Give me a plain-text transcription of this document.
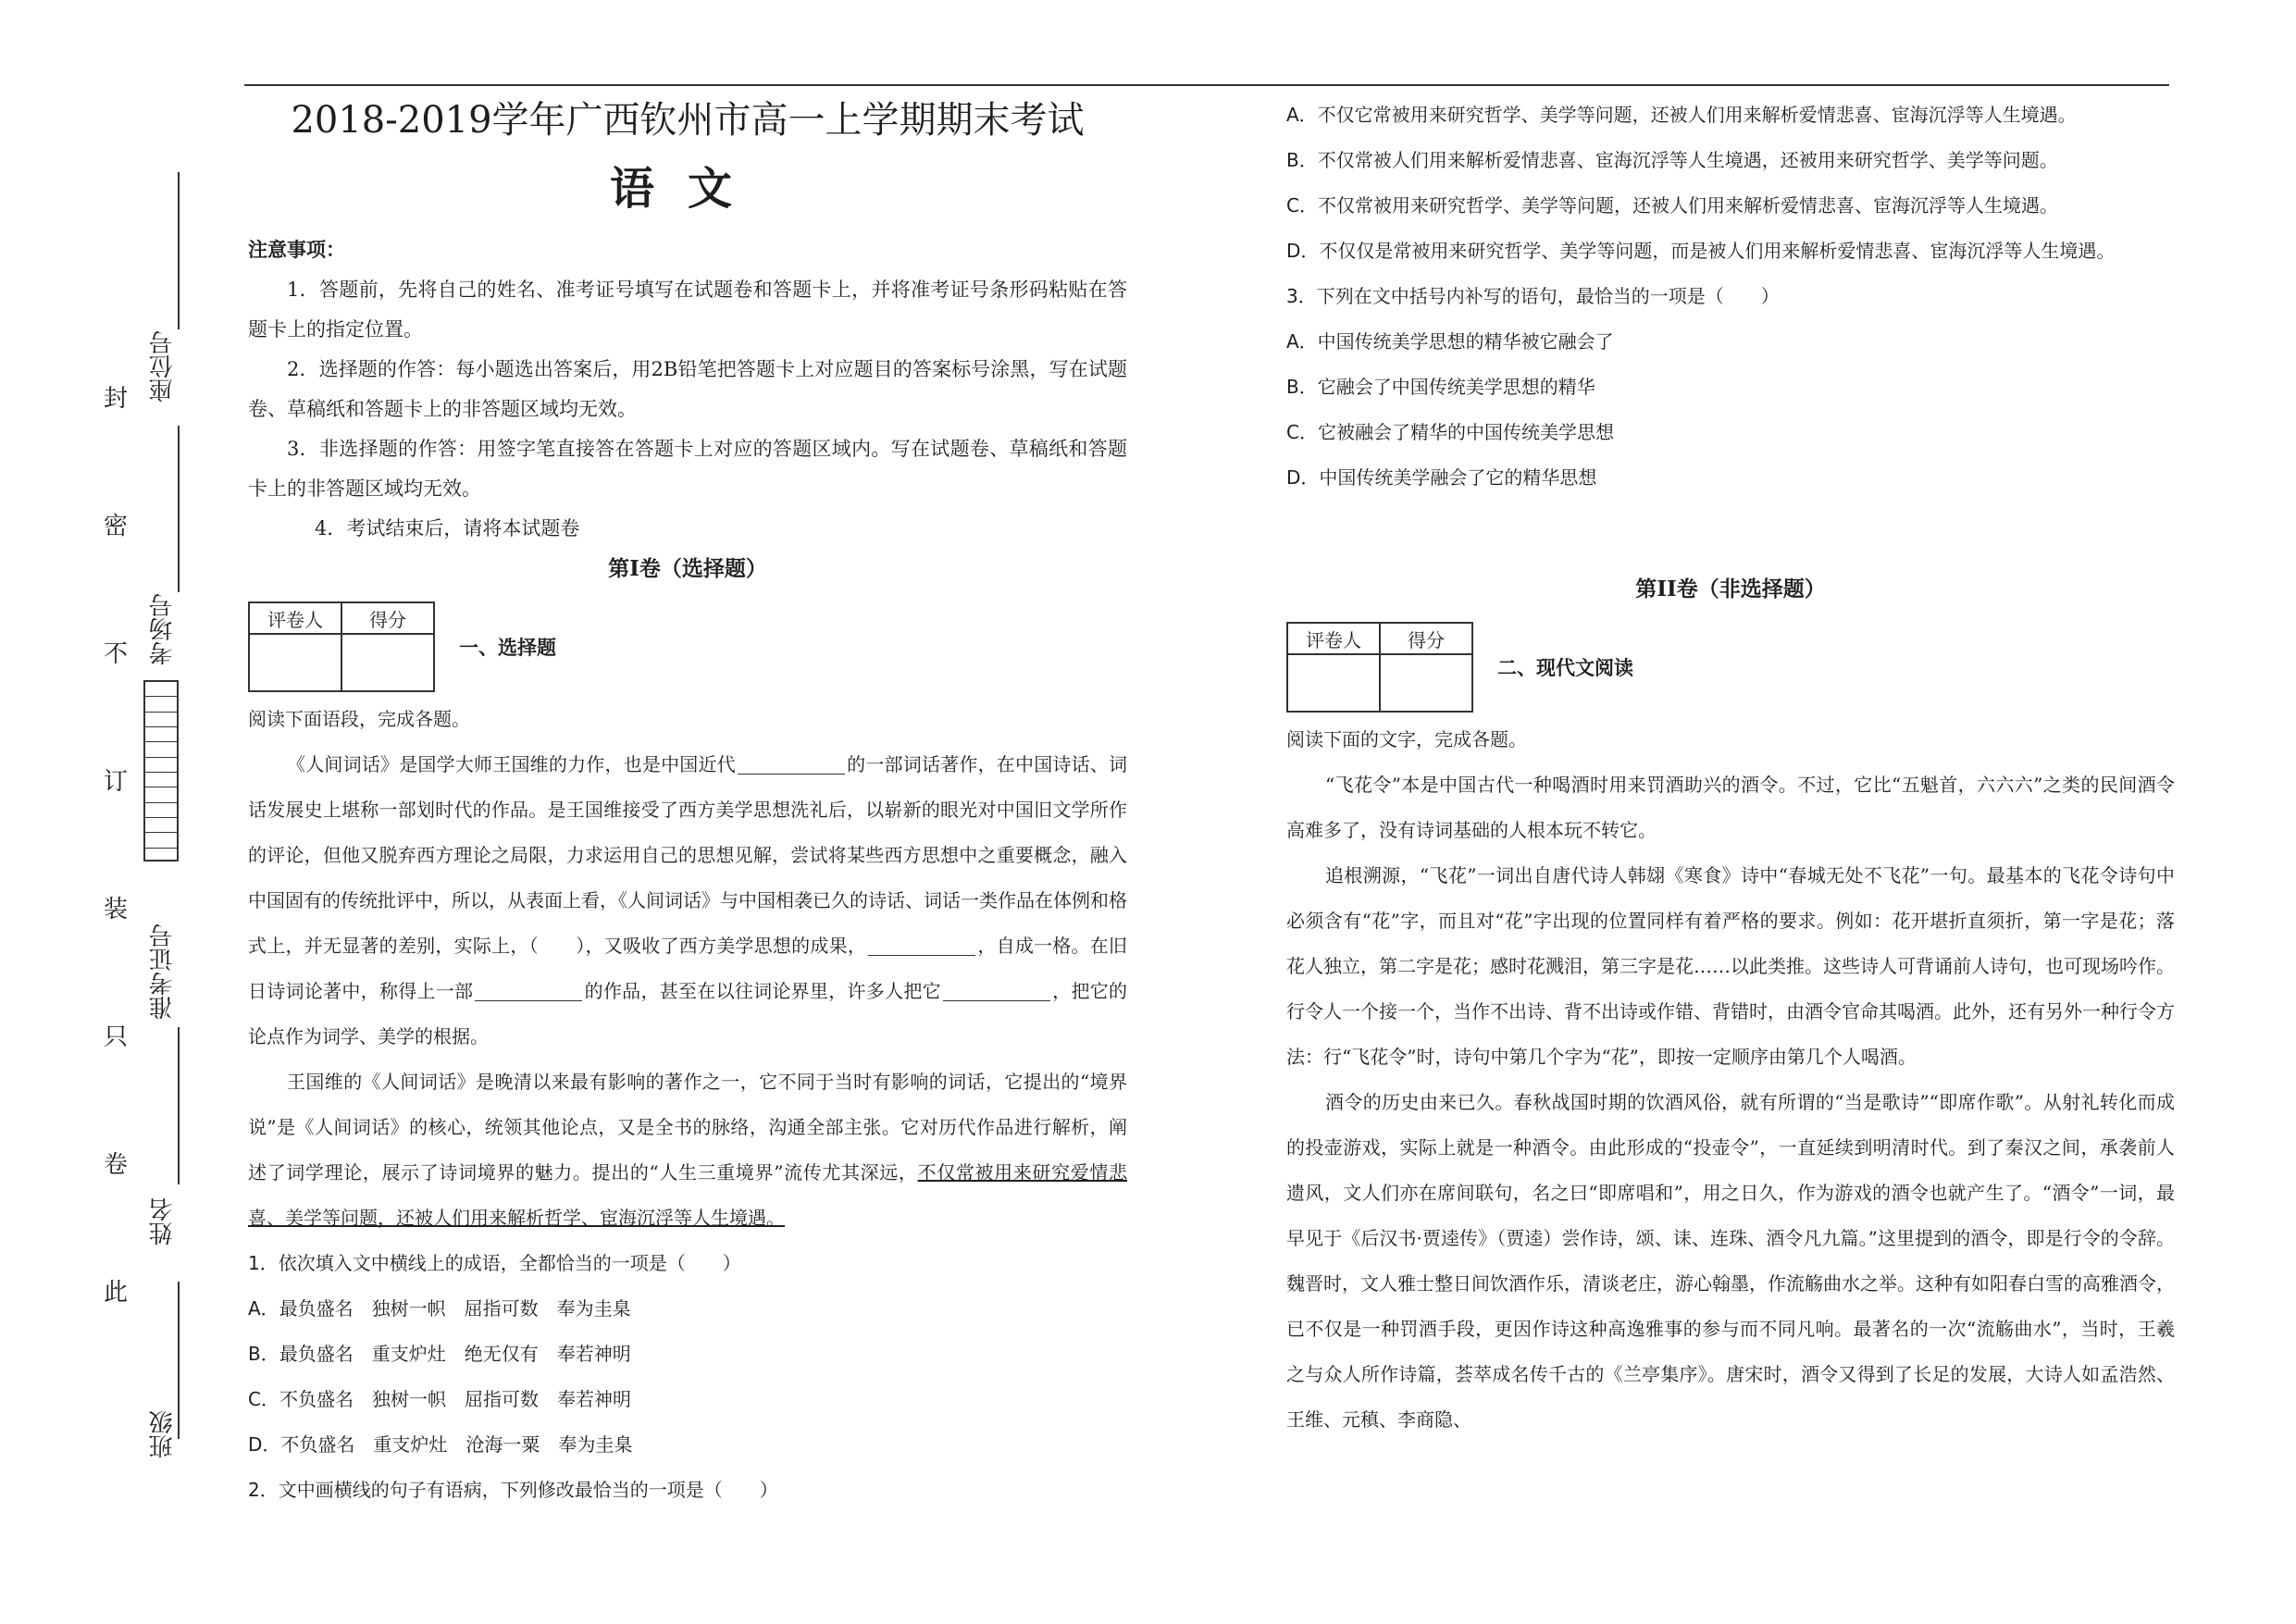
封
密
不
订
装
只
卷
此
座位号
考场号
准考证号
姓名
班级
2018-2019学年广西钦州市高一上学期期末考试
语文
注意事项：

1．答题前，先将自己的姓名、准考证号填写在试题卷和答题卡上，并将准考证号条形码粘贴在答题卡上的指定位置。

2．选择题的作答：每小题选出答案后，用2B铅笔把答题卡上对应题目的答案标号涂黑，写在试题卷、草稿纸和答题卡上的非答题区域均无效。

3．非选择题的作答：用签字笔直接答在答题卡上对应的答题区域内。写在试题卷、草稿纸和答题卡上的非答题区域均无效。

4．考试结束后，请将本试题卷

第I卷（选择题）
评卷人	得分

一、选择题

阅读下面语段，完成各题。

《人间词话》是国学大师王国维的力作，也是中国近代	的一部词话著作，在中国诗话、词话发展史上堪称一部划时代的作品。是王国维接受了西方美学思想洗礼后，以崭新的眼光对中国旧文学所作的评论，但他又脱弃西方理论之局限，力求运用自己的思想见解，尝试将某些西方思想中之重要概念，融入中国固有的传统批评中，所以，从表面上看，《人间词话》与中国相袭已久的诗话、词话一类作品在体例和格式上，并无显著的差别，实际上，（　　），又吸收了西方美学思想的成果，	，自成一格。在旧日诗词论著中，称得上一部	的作品，甚至在以往词论界里，许多人把它	，把它的论点作为词学、美学的根据。

王国维的《人间词话》是晚清以来最有影响的著作之一，它不同于当时有影响的词话，它提出的“境界说”是《人间词话》的核心，统领其他论点，又是全书的脉络，沟通全部主张。它对历代作品进行解析，阐述了词学理论，展示了诗词境界的魅力。提出的“人生三重境界”流传尤其深远，不仅常被用来研究爱情悲喜、美学等问题，还被人们用来解析哲学、宦海沉浮等人生境遇。

1．依次填入文中横线上的成语，全都恰当的一项是（　　）
A．最负盛名　独树一帜　屈指可数　奉为圭臬
B．最负盛名　重支炉灶　绝无仅有　奉若神明
C．不负盛名　独树一帜　屈指可数　奉若神明
D．不负盛名　重支炉灶　沧海一粟　奉为圭臬
2．文中画横线的句子有语病，下列修改最恰当的一项是（　　）
A．不仅它常被用来研究哲学、美学等问题，还被人们用来解析爱情悲喜、宦海沉浮等人生境遇。
B．不仅常被人们用来解析爱情悲喜、宦海沉浮等人生境遇，还被用来研究哲学、美学等问题。
C．不仅常被用来研究哲学、美学等问题，还被人们用来解析爱情悲喜、宦海沉浮等人生境遇。
D．不仅仅是常被用来研究哲学、美学等问题，而是被人们用来解析爱情悲喜、宦海沉浮等人生境遇。
3．下列在文中括号内补写的语句，最恰当的一项是（　　）
A．中国传统美学思想的精华被它融会了
B．它融会了中国传统美学思想的精华
C．它被融会了精华的中国传统美学思想
D．中国传统美学融会了它的精华思想
第II卷（非选择题）
评卷人	得分

二、现代文阅读

阅读下面的文字，完成各题。

“飞花令”本是中国古代一种喝酒时用来罚酒助兴的酒令。不过，它比“五魁首，六六六”之类的民间酒令高难多了，没有诗词基础的人根本玩不转它。

追根溯源，“飞花”一词出自唐代诗人韩翃《寒食》诗中“春城无处不飞花”一句。最基本的飞花令诗句中必须含有“花”字，而且对“花”字出现的位置同样有着严格的要求。例如：花开堪折直须折，第一字是花；落花人独立，第二字是花；感时花溅泪，第三字是花……以此类推。这些诗人可背诵前人诗句，也可现场吟作。行令人一个接一个，当作不出诗、背不出诗或作错、背错时，由酒令官命其喝酒。此外，还有另外一种行令方法：行“飞花令”时，诗句中第几个字为“花”，即按一定顺序由第几个人喝酒。

酒令的历史由来已久。春秋战国时期的饮酒风俗，就有所谓的“当是歌诗”“即席作歌”。从射礼转化而成的投壶游戏，实际上就是一种酒令。由此形成的“投壶令”，一直延续到明清时代。到了秦汉之间，承袭前人遗风，文人们亦在席间联句，名之曰“即席唱和”，用之日久，作为游戏的酒令也就产生了。“酒令”一词，最早见于《后汉书·贾逵传》（贾逵）尝作诗，颂、诔、连珠、酒令凡九篇。”这里提到的酒令，即是行令的令辞。魏晋时，文人雅士整日间饮酒作乐，清谈老庄，游心翰墨，作流觞曲水之举。这种有如阳春白雪的高雅酒令，已不仅是一种罚酒手段，更因作诗这种高逸雅事的参与而不同凡响。最著名的一次“流觞曲水”，当时，王羲之与众人所作诗篇，荟萃成名传千古的《兰亭集序》。唐宋时，酒令又得到了长足的发展，大诗人如孟浩然、王维、元稹、李商隐、
